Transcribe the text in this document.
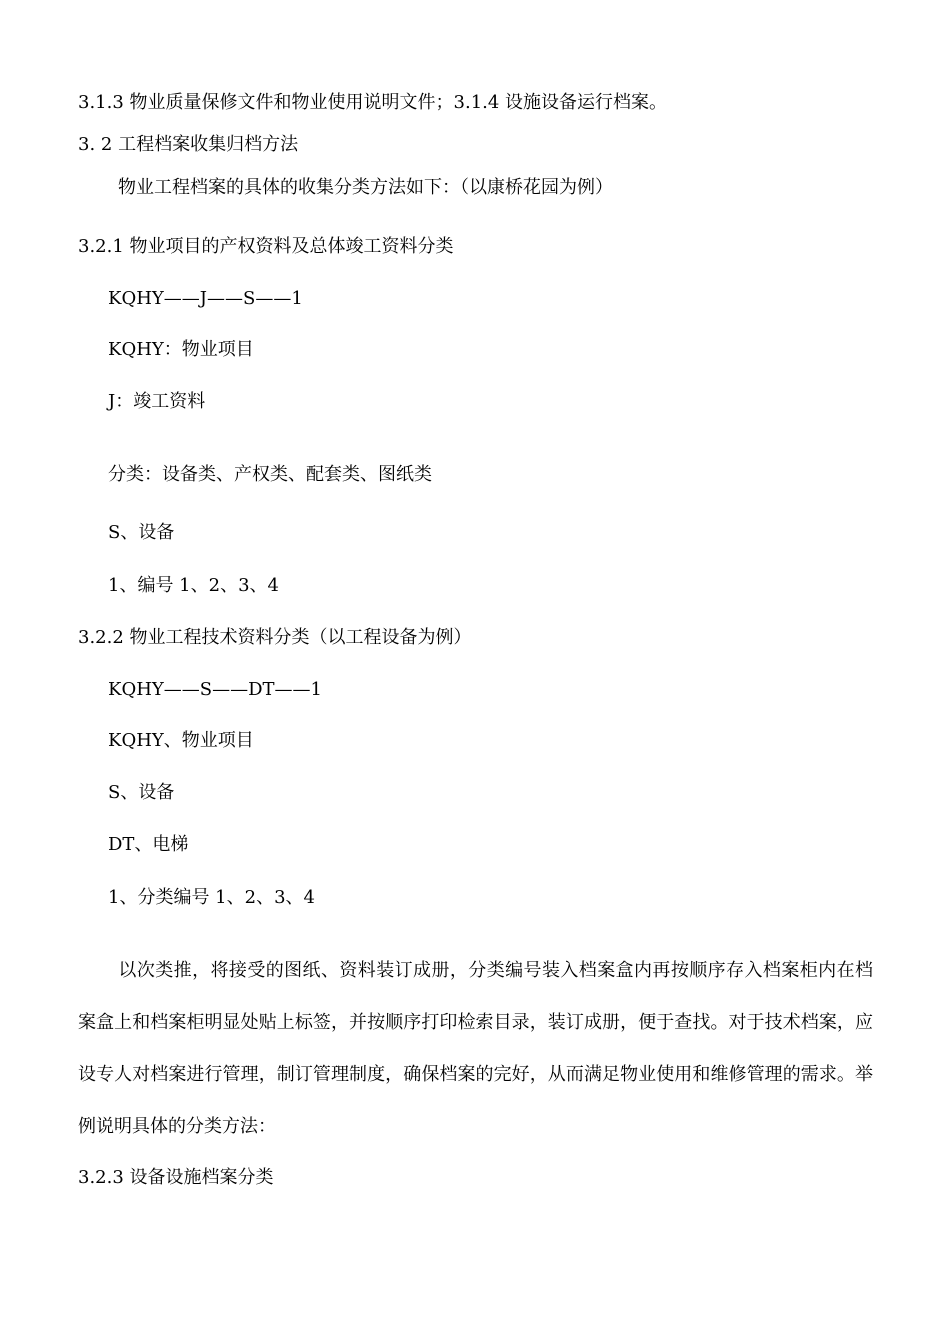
3.1.3 物业质量保修文件和物业使用说明文件；3.1.4 设施设备运行档案。

3. 2 工程档案收集归档方法

物业工程档案的具体的收集分类方法如下：（以康桥花园为例）

3.2.1 物业项目的产权资料及总体竣工资料分类

KQHY——J——S——1

KQHY：物业项目

J：竣工资料

分类：设备类、产权类、配套类、图纸类

S、设备

1、编号 1、2、3、4

3.2.2 物业工程技术资料分类（以工程设备为例）

KQHY——S——DT——1

KQHY、物业项目

S、设备

DT、电梯

1、分类编号 1、2、3、4

以次类推，将接受的图纸、资料装订成册，分类编号装入档案盒内再按顺序存入档案柜内在档案盒上和档案柜明显处贴上标签，并按顺序打印检索目录，装订成册，便于查找。对于技术档案，应设专人对档案进行管理，制订管理制度，确保档案的完好，从而满足物业使用和维修管理的需求。举例说明具体的分类方法：

3.2.3 设备设施档案分类
